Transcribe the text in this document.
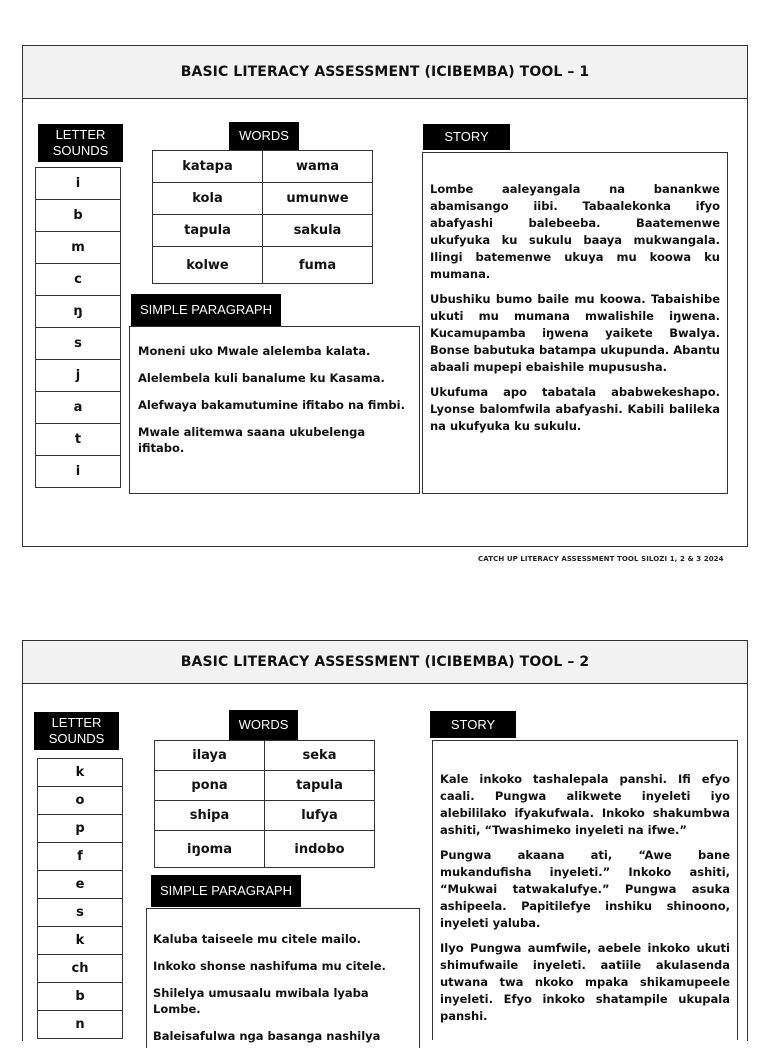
BASIC LITERACY ASSESSMENT (ICIBEMBA) TOOL – 1
LETTER SOUNDS
i
b
m
c
ŋ
s
j
a
t
i
WORDS
katapa	wama
kola	umunwe
tapula	sakula
kolwe	fuma
SIMPLE PARAGRAPH

Moneni uko Mwale alelemba kalata.

Alelembela kuli banalume ku Kasama.

Alefwaya bakamutumine ifitabo na fimbi.

Mwale alitemwa saana ukubelenga ifitabo.

STORY

Lombe aaleyangala na banankwe abamisango iibi. Tabaalekonka ifyo abafyashi balebeeba. Baatemenwe ukufyuka ku sukulu baaya mukwangala. Ilingi batemenwe ukuya mu koowa ku mumana.

Ubushiku bumo baile mu koowa. Tabaishibe ukuti mu mumana mwalishile iŋwena. Kucamupamba iŋwena yaikete Bwalya. Bonse babutuka batampa ukupunda. Abantu abaali mupepi ebaishile mupususha.

Ukufuma apo tabatala ababwekeshapo. Lyonse balomfwila abafyashi. Kabili balileka na ukufyuka ku sukulu.

CATCH UP LITERACY ASSESSMENT TOOL SILOZI 1, 2 & 3 2024
BASIC LITERACY ASSESSMENT (ICIBEMBA) TOOL – 2
LETTER SOUNDS
k
o
p
f
e
s
k
ch
b
n
WORDS
ilaya	seka
pona	tapula
shipa	lufya
iŋoma	indobo
SIMPLE PARAGRAPH

Kaluba taiseele mu citele mailo.

Inkoko shonse nashifuma mu citele.

Shilelya umusaalu mwibala lyaba Lombe.

Baleisafulwa nga basanga nashilya

STORY

Kale inkoko tashalepala panshi. Ifi efyo caali. Pungwa alikwete inyeleti iyo alebililako ifyakufwala. Inkoko shakumbwa ashiti, “Twashimeko inyeleti na ifwe.”

Pungwa akaana ati, “Awe bane mukandufisha inyeleti.” Inkoko ashiti, “Mukwai tatwakalufye.” Pungwa asuka ashipeela. Papitilefye inshiku shinoono, inyeleti yaluba.

Ilyo Pungwa aumfwile, aebele inkoko ukuti shimufwaile inyeleti. aatiile akulasenda utwana twa nkoko mpaka shikamupeele inyeleti. Efyo inkoko shatampile ukupala panshi.
